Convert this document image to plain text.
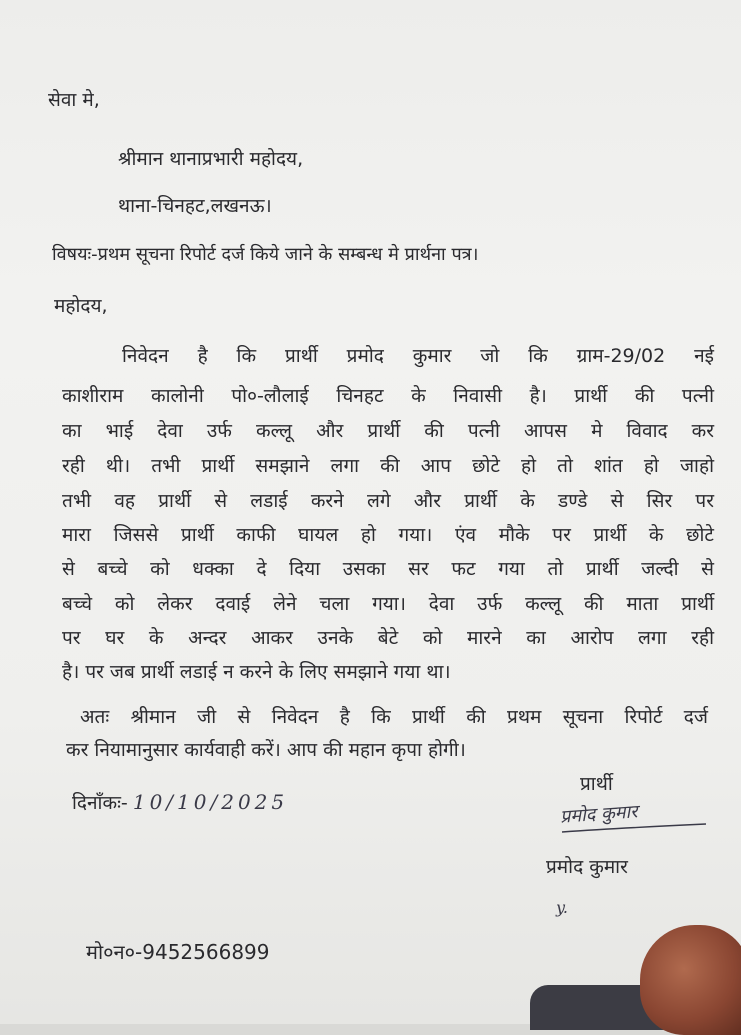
सेवा मे,
श्रीमान थानाप्रभारी महोदय,
थाना-चिनहट,लखनऊ।
विषयः-प्रथम सूचना रिपोर्ट दर्ज किये जाने के सम्बन्ध मे प्रार्थना पत्र।
महोदय,
निवेदन है कि प्रार्थी प्रमोद कुमार जो कि ग्राम-29/02 नई
काशीराम कालोनी पो०-लौलाई चिनहट के निवासी है। प्रार्थी की पत्नी
का भाई देवा उर्फ कल्लू और प्रार्थी की पत्नी आपस मे विवाद कर
रही थी। तभी प्रार्थी समझाने लगा की आप छोटे हो तो शांत हो जाहो
तभी वह प्रार्थी से लडाई करने लगे और प्रार्थी के डण्डे से सिर पर
मारा जिससे प्रार्थी काफी घायल हो गया। एंव मौके पर प्रार्थी के छोटे
से बच्चे को धक्का दे दिया उसका सर फट गया तो प्रार्थी जल्दी से
बच्चे को लेकर दवाई लेने चला गया। देवा उर्फ कल्लू की माता प्रार्थी
पर घर के अन्दर आकर उनके बेटे को मारने का आरोप लगा रही
है। पर जब प्रार्थी लडाई न करने के लिए समझाने गया था।
अतः श्रीमान जी से निवेदन है कि प्रार्थी की प्रथम सूचना रिपोर्ट दर्ज
कर नियामानुसार कार्यवाही करें। आप की महान कृपा होगी।
प्रार्थी
दिनाँकः- 10/10/2025	प्रमोद कुमार
प्रमोद कुमार
y.
मो०न०-9452566899
